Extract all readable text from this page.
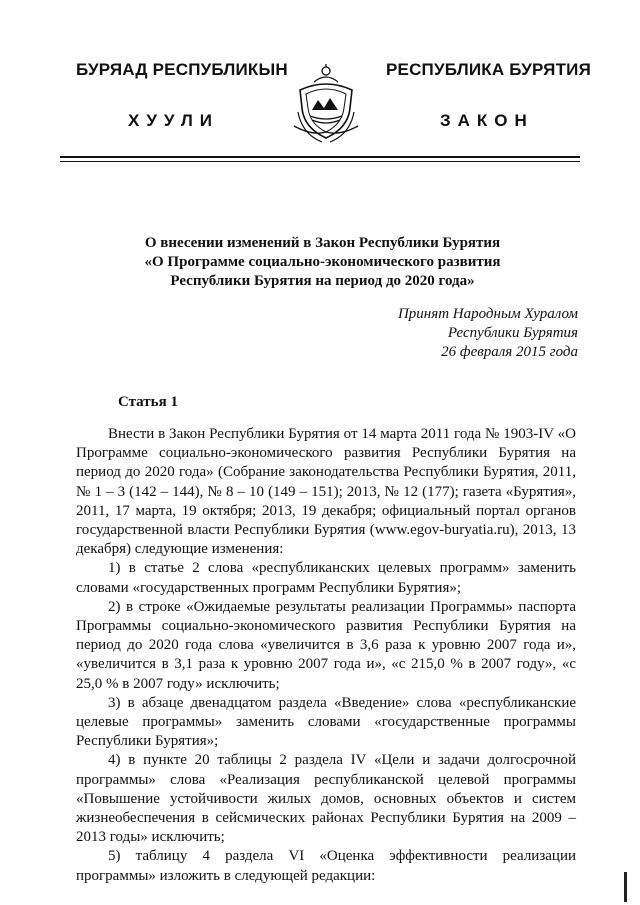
БУРЯАД РЕСПУБЛИКЫН	РЕСПУБЛИКА БУРЯТИЯ
ХУУЛИ	ЗАКОН
О внесении изменений в Закон Республики Бурятия
«О Программе социально-экономического развития
Республики Бурятия на период до 2020 года»
Принят Народным Хуралом
Республики Бурятия
26 февраля 2015 года
Статья 1

Внести в Закон Республики Бурятия от 14 марта 2011 года № 1903-IV «О Программе социально-экономического развития Республики Бурятия на период до 2020 года» (Собрание законодательства Республики Бурятия, 2011, № 1 – 3 (142 – 144), № 8 – 10 (149 – 151); 2013, № 12 (177); газета «Бурятия», 2011, 17 марта, 19 октября; 2013, 19 декабря; официальный портал органов государственной власти Республики Бурятия (www.egov-buryatia.ru), 2013, 13 декабря) следующие изменения:

1) в статье 2 слова «республиканских целевых программ» заменить словами «государственных программ Республики Бурятия»;

2) в строке «Ожидаемые результаты реализации Программы» паспорта Программы социально-экономического развития Республики Бурятия на период до 2020 года слова «увеличится в 3,6 раза к уровню 2007 года и», «увеличится в 3,1 раза к уровню 2007 года и», «с 215,0 % в 2007 году», «с 25,0 % в 2007 году» исключить;

3) в абзаце двенадцатом раздела «Введение» слова «республиканские целевые программы» заменить словами «государственные программы Республики Бурятия»;

4) в пункте 20 таблицы 2 раздела IV «Цели и задачи долгосрочной программы» слова «Реализация республиканской целевой программы «Повышение устойчивости жилых домов, основных объектов и систем жизнеобеспечения в сейсмических районах Республики Бурятия на 2009 – 2013 годы» исключить;

5) таблицу 4 раздела VI «Оценка эффективности реализации программы» изложить в следующей редакции:
